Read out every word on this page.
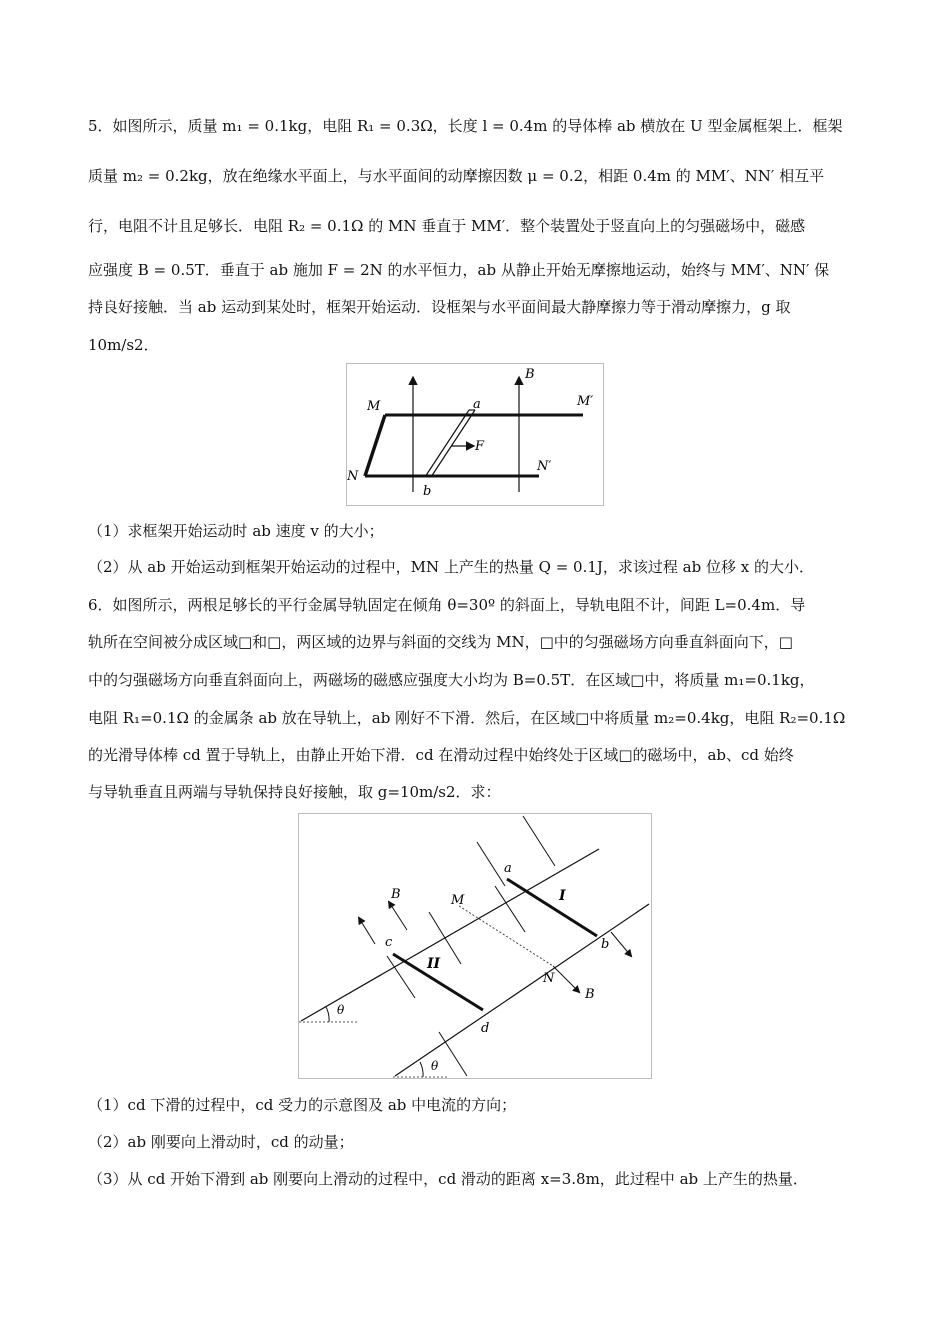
5．如图所示，质量 m₁ = 0.1kg，电阻 R₁ = 0.3Ω，长度 l = 0.4m 的导体棒 ab 横放在 U 型金属框架上．框架
质量 m₂ = 0.2kg，放在绝缘水平面上，与水平面间的动摩擦因数 μ = 0.2，相距 0.4m 的 MM′、NN′ 相互平
行，电阻不计且足够长．电阻 R₂ = 0.1Ω 的 MN 垂直于 MM′．整个装置处于竖直向上的匀强磁场中，磁感
应强度 B = 0.5T．垂直于 ab 施加 F = 2N 的水平恒力，ab 从静止开始无摩擦地运动，始终与 MM′、NN′ 保
持良好接触．当 ab 运动到某处时，框架开始运动．设框架与水平面间最大静摩擦力等于滑动摩擦力，g 取
10m/s2．
M
N
a
b
B
F
M′
N′
（1）求框架开始运动时 ab 速度 v 的大小；
（2）从 ab 开始运动到框架开始运动的过程中，MN 上产生的热量 Q = 0.1J，求该过程 ab 位移 x 的大小．
6．如图所示，两根足够长的平行金属导轨固定在倾角 θ=30º 的斜面上，导轨电阻不计，间距 L=0.4m．导
轨所在空间被分成区域□和□，两区域的边界与斜面的交线为 MN，□中的匀强磁场方向垂直斜面向下，□
中的匀强磁场方向垂直斜面向上，两磁场的磁感应强度大小均为 B=0.5T．在区域□中，将质量 m₁=0.1kg，
电阻 R₁=0.1Ω 的金属条 ab 放在导轨上，ab 刚好不下滑．然后，在区域□中将质量 m₂=0.4kg，电阻 R₂=0.1Ω
的光滑导体棒 cd 置于导轨上，由静止开始下滑．cd 在滑动过程中始终处于区域□的磁场中，ab、cd 始终
与导轨垂直且两端与导轨保持良好接触，取 g=10m/s2．求：
a
b
c
d
M
N
B
B
I
II
θ
θ
（1）cd 下滑的过程中，cd 受力的示意图及 ab 中电流的方向；
（2）ab 刚要向上滑动时，cd 的动量；
（3）从 cd 开始下滑到 ab 刚要向上滑动的过程中，cd 滑动的距离 x=3.8m，此过程中 ab 上产生的热量．
